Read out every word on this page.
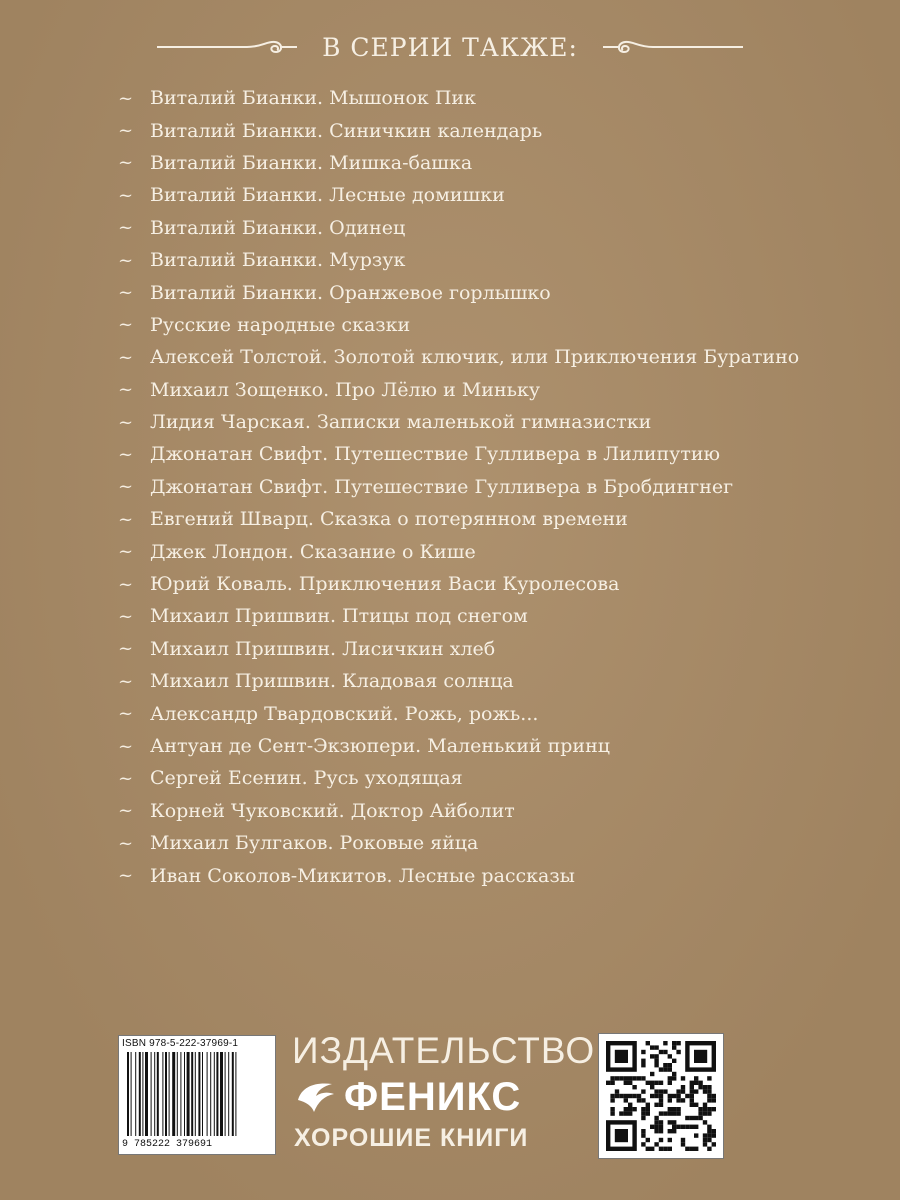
В СЕРИИ ТАКЖЕ:
~ Виталий Бианки. Мышонок Пик
~ Виталий Бианки. Синичкин календарь
~ Виталий Бианки. Мишка-башка
~ Виталий Бианки. Лесные домишки
~ Виталий Бианки. Одинец
~ Виталий Бианки. Мурзук
~ Виталий Бианки. Оранжевое горлышко
~ Русские народные сказки
~ Алексей Толстой. Золотой ключик, или Приключения Буратино
~ Михаил Зощенко. Про Лёлю и Миньку
~ Лидия Чарская. Записки маленькой гимназистки
~ Джонатан Свифт. Путешествие Гулливера в Лилипутию
~ Джонатан Свифт. Путешествие Гулливера в Бробдингнег
~ Евгений Шварц. Сказка о потерянном времени
~ Джек Лондон. Сказание о Кише
~ Юрий Коваль. Приключения Васи Куролесова
~ Михаил Пришвин. Птицы под снегом
~ Михаил Пришвин. Лисичкин хлеб
~ Михаил Пришвин. Кладовая солнца
~ Александр Твардовский. Рожь, рожь...
~ Антуан де Сент-Экзюпери. Маленький принц
~ Сергей Есенин. Русь уходящая
~ Корней Чуковский. Доктор Айболит
~ Михаил Булгаков. Роковые яйца
~ Иван Соколов-Микитов. Лесные рассказы
ISBN 978-5-222-37969-1
9 785222 379691
ИЗДАТЕЛЬСТВО
ФЕНИКС
ХОРОШИЕ КНИГИ
